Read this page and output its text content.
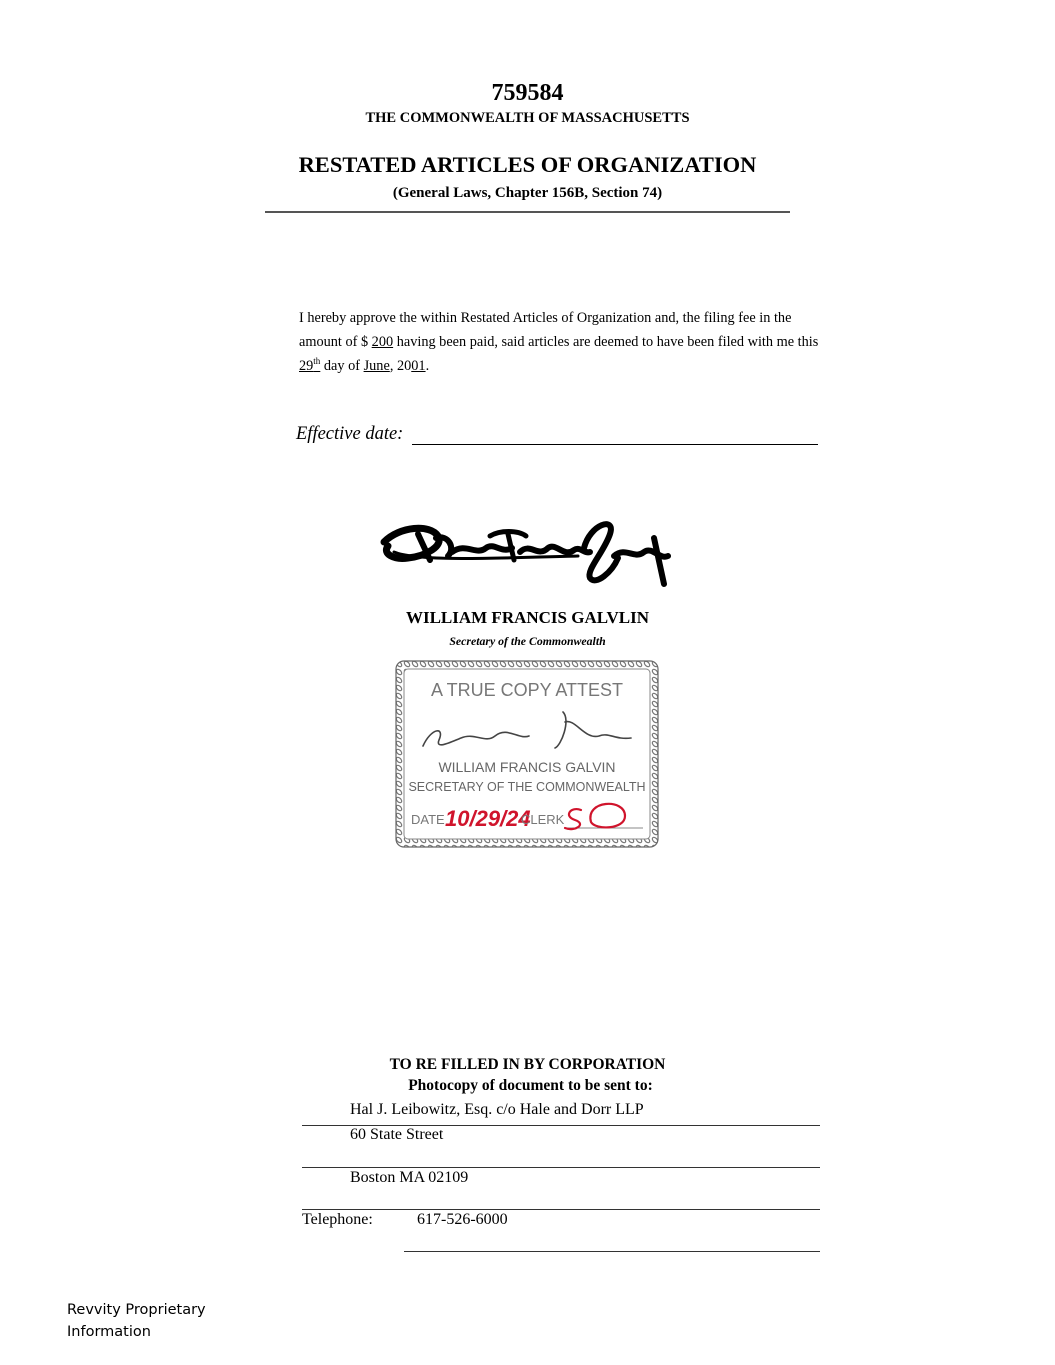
759584
THE COMMONWEALTH OF MASSACHUSETTS
RESTATED ARTICLES OF ORGANIZATION
(General Laws, Chapter 156B, Section 74)
I hereby approve the within Restated Articles of Organization and, the filing fee in the amount of $ 200 having been paid, said articles are deemed to have been filed with me this 29th day of June, 2001.
Effective date:
WILLIAM FRANCIS GALVLIN
Secretary of the Commonwealth
A TRUE COPY ATTEST
WILLIAM FRANCIS GALVIN
SECRETARY OF THE COMMONWEALTH
DATE 10/29/24
CLERK
TO RE FILLED IN BY CORPORATION
Photocopy of document to be sent to:
Hal J. Leibowitz, Esq. c/o Hale and Dorr LLP
60 State Street
Boston MA 02109
Telephone:	617-526-6000
Revvity Proprietary
Information
